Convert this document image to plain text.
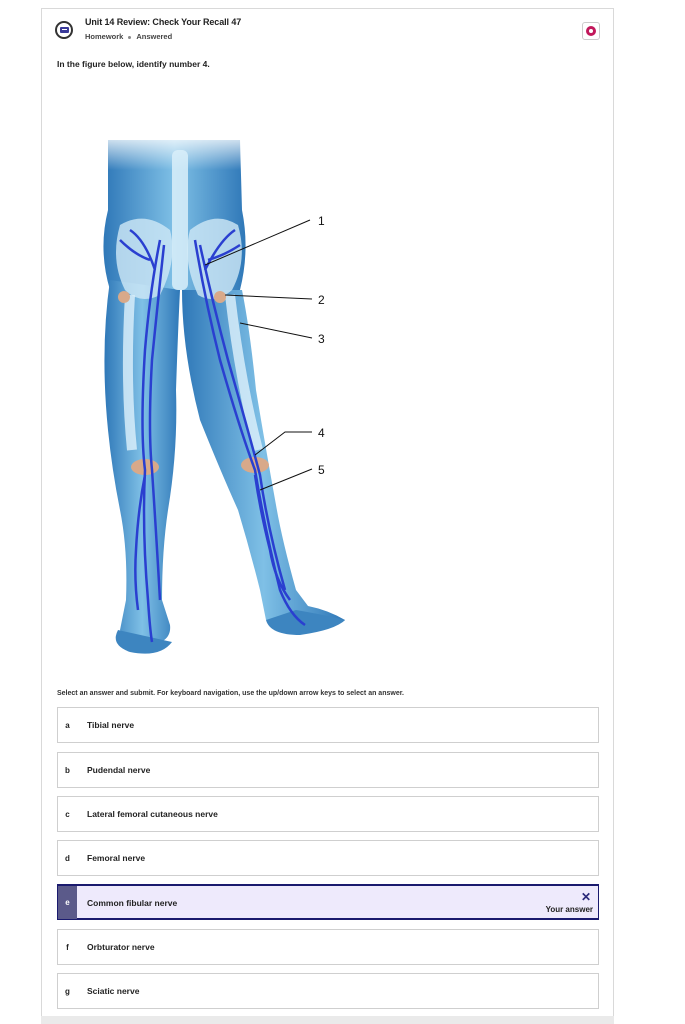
Unit 14 Review: Check Your Recall 47
Homework Answered
In the figure below, identify number 4.
1
2
3
4
5
Select an answer and submit. For keyboard navigation, use the up/down arrow keys to select an answer.
a	Tibial nerve
b	Pudendal nerve
c	Lateral femoral cutaneous nerve
d	Femoral nerve
e	Common fibular nerve	✕
Your answer
f	Orbturator nerve
g	Sciatic nerve
